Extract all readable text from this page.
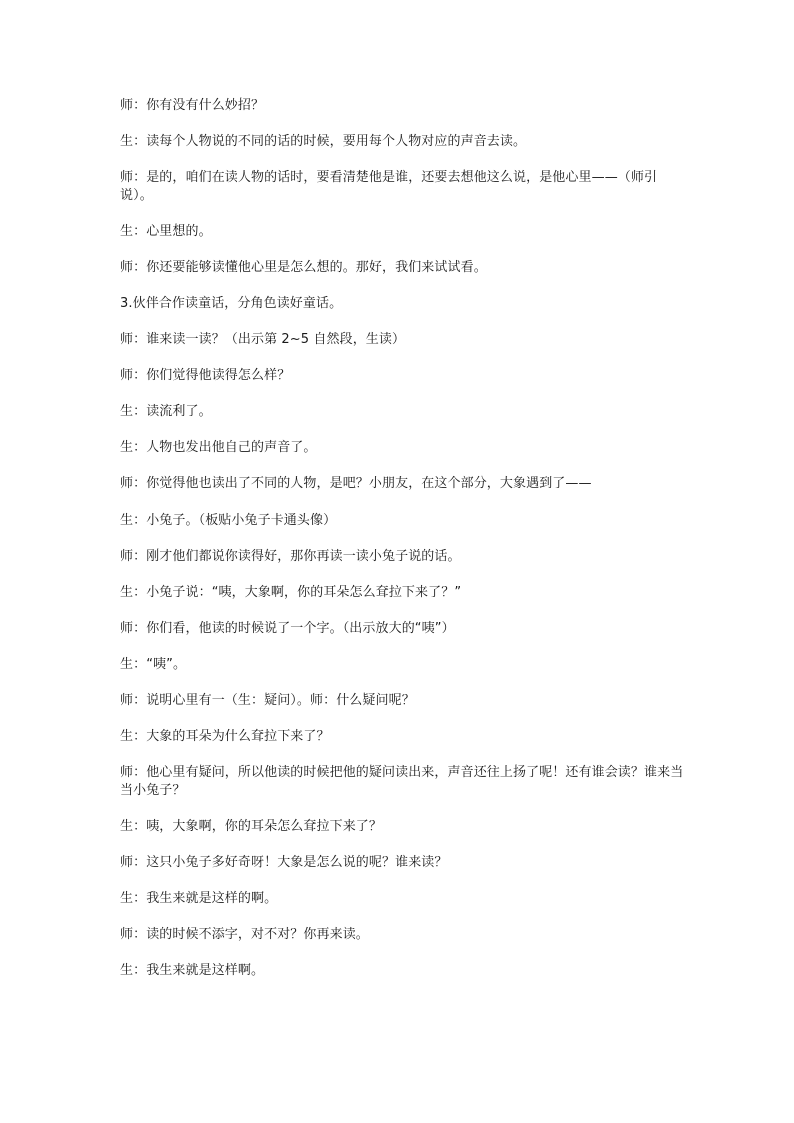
师：你有没有什么妙招？

生：读每个人物说的不同的话的时候，要用每个人物对应的声音去读。

师：是的，咱们在读人物的话时，要看清楚他是谁，还要去想他这么说，是他心里——（师引说）。

生：心里想的。

师：你还要能够读懂他心里是怎么想的。那好，我们来试试看。

3.伙伴合作读童话，分角色读好童话。

师：谁来读一读？（出示第 2~5 自然段，生读）

师：你们觉得他读得怎么样？

生：读流利了。

生：人物也发出他自己的声音了。

师：你觉得他也读出了不同的人物，是吧？小朋友，在这个部分，大象遇到了——

生：小兔子。（板贴小兔子卡通头像）

师：刚才他们都说你读得好，那你再读一读小兔子说的话。

生：小兔子说：“咦，大象啊，你的耳朵怎么耷拉下来了？”

师：你们看，他读的时候说了一个字。（出示放大的“咦”）

生：“咦”。

师：说明心里有一（生：疑问）。师：什么疑问呢？

生：大象的耳朵为什么耷拉下来了？

师：他心里有疑问，所以他读的时候把他的疑问读出来，声音还往上扬了呢！还有谁会读？谁来当当小兔子？

生：咦，大象啊，你的耳朵怎么耷拉下来了？

师：这只小兔子多好奇呀！大象是怎么说的呢？谁来读？

生：我生来就是这样的啊。

师：读的时候不添字，对不对？你再来读。

生：我生来就是这样啊。
